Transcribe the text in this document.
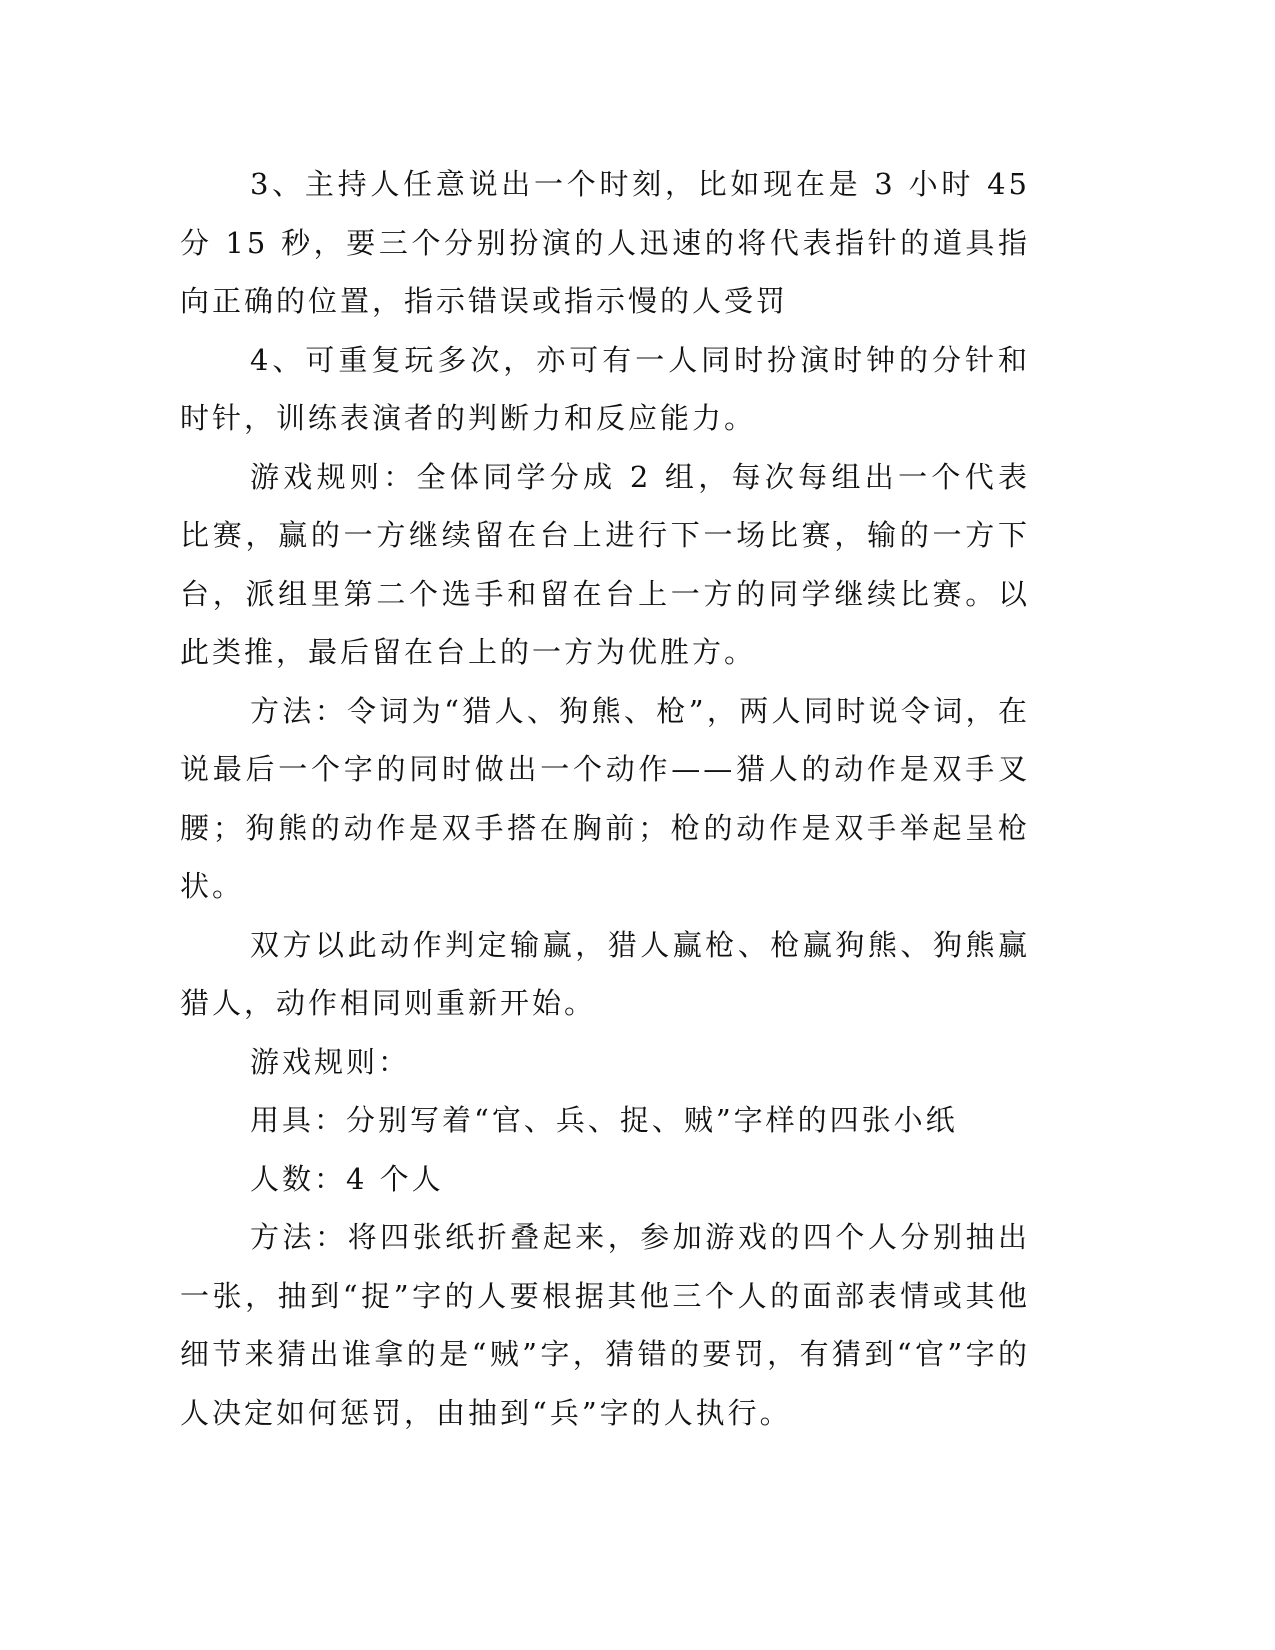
3、主持人任意说出一个时刻，比如现在是 3 小时 45 分 15 秒，要三个分别扮演的人迅速的将代表指针的道具指向正确的位置，指示错误或指示慢的人受罚

4、可重复玩多次，亦可有一人同时扮演时钟的分针和时针，训练表演者的判断力和反应能力。

游戏规则：全体同学分成 2 组，每次每组出一个代表比赛，赢的一方继续留在台上进行下一场比赛，输的一方下台，派组里第二个选手和留在台上一方的同学继续比赛。以此类推，最后留在台上的一方为优胜方。

方法：令词为“猎人、狗熊、枪”，两人同时说令词，在说最后一个字的同时做出一个动作——猎人的动作是双手叉腰；狗熊的动作是双手搭在胸前；枪的动作是双手举起呈枪状。

双方以此动作判定输赢，猎人赢枪、枪赢狗熊、狗熊赢猎人，动作相同则重新开始。

游戏规则：

用具：分别写着“官、兵、捉、贼”字样的四张小纸

人数：4 个人

方法：将四张纸折叠起来，参加游戏的四个人分别抽出一张，抽到“捉”字的人要根据其他三个人的面部表情或其他细节来猜出谁拿的是“贼”字，猜错的要罚，有猜到“官”字的人决定如何惩罚，由抽到“兵”字的人执行。
